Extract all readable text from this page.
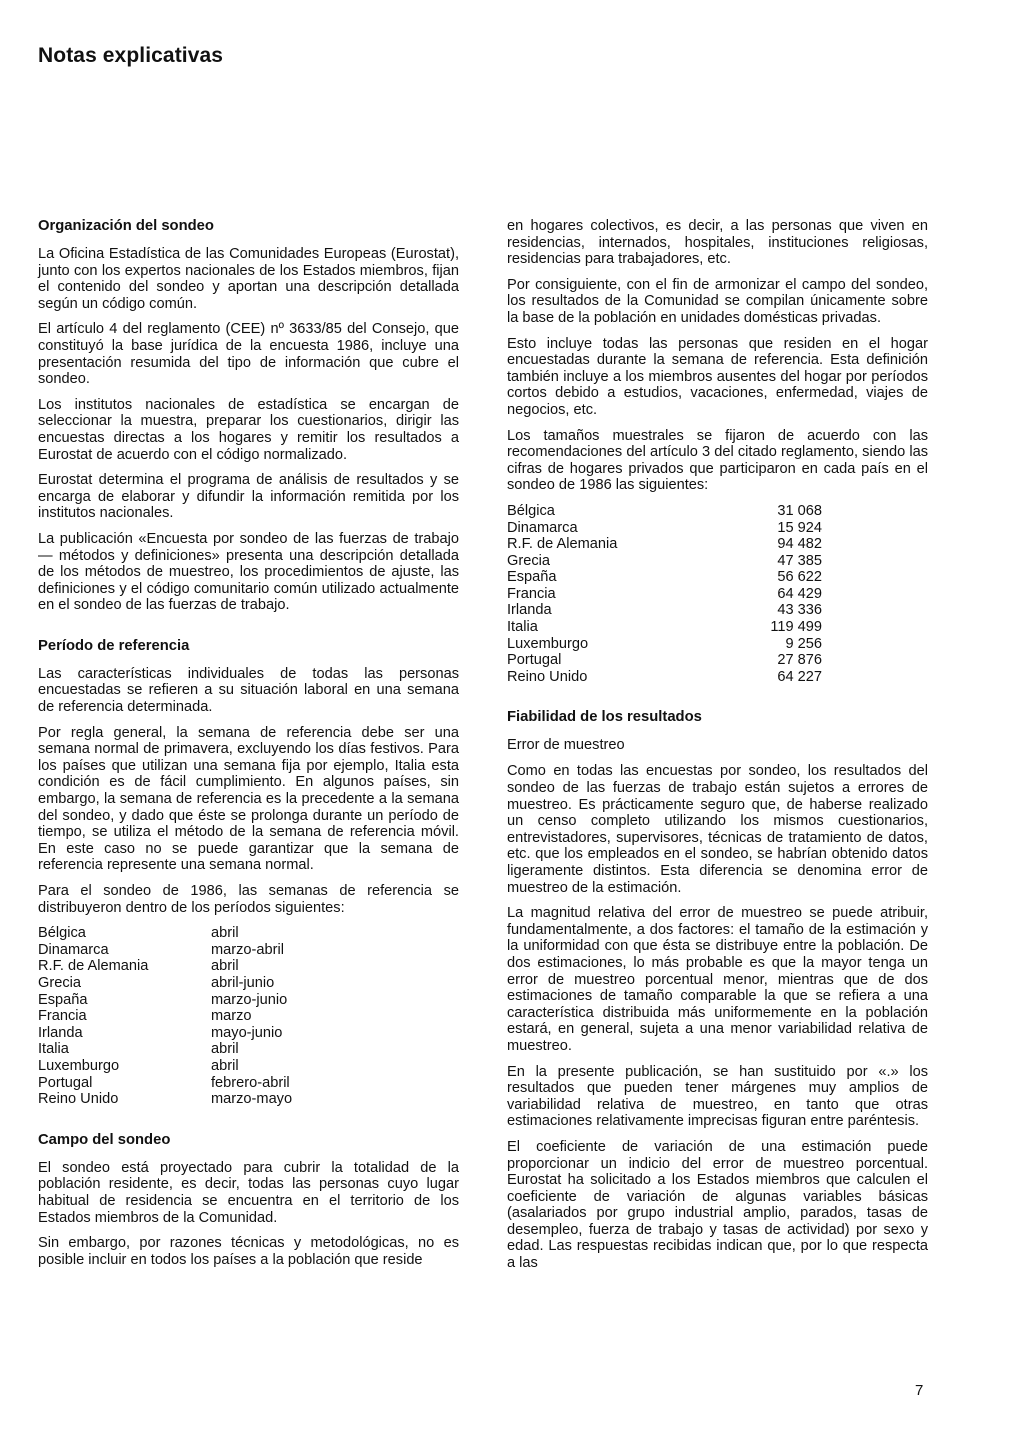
Notas explicativas
Organización del sondeo

La Oficina Estadística de las Comunidades Europeas (Eurostat), junto con los expertos nacionales de los Estados miembros, fijan el contenido del sondeo y aportan una descripción detallada según un código común.

El artículo 4 del reglamento (CEE) nº 3633/85 del Consejo, que constituyó la base jurídica de la encuesta 1986, incluye una presentación resumida del tipo de información que cubre el sondeo.

Los institutos nacionales de estadística se encargan de seleccionar la muestra, preparar los cuestionarios, dirigir las encuestas directas a los hogares y remitir los resultados a Eurostat de acuerdo con el código normalizado.

Eurostat determina el programa de análisis de resultados y se encarga de elaborar y difundir la información remitida por los institutos nacionales.

La publicación «Encuesta por sondeo de las fuerzas de trabajo — métodos y definiciones» presenta una descripción detallada de los métodos de muestreo, los procedimientos de ajuste, las definiciones y el código comunitario común utilizado actualmente en el sondeo de las fuerzas de trabajo.

Período de referencia

Las características individuales de todas las personas encuestadas se refieren a su situación laboral en una semana de referencia determinada.

Por regla general, la semana de referencia debe ser una semana normal de primavera, excluyendo los días festivos. Para los países que utilizan una semana fija por ejemplo, Italia esta condición es de fácil cumplimiento. En algunos países, sin embargo, la semana de referencia es la precedente a la semana del sondeo, y dado que éste se prolonga durante un período de tiempo, se utiliza el método de la semana de referencia móvil. En este caso no se puede garantizar que la semana de referencia represente una semana normal.

Para el sondeo de 1986, las semanas de referencia se distribuyeron dentro de los períodos siguientes:

Bélgica	abril
Dinamarca	marzo-abril
R.F. de Alemania	abril
Grecia	abril-junio
España	marzo-junio
Francia	marzo
Irlanda	mayo-junio
Italia	abril
Luxemburgo	abril
Portugal	febrero-abril
Reino Unido	marzo-mayo
Campo del sondeo

El sondeo está proyectado para cubrir la totalidad de la población residente, es decir, todas las personas cuyo lugar habitual de residencia se encuentra en el territorio de los Estados miembros de la Comunidad.

Sin embargo, por razones técnicas y metodológicas, no es posible incluir en todos los países a la población que reside

en hogares colectivos, es decir, a las personas que viven en residencias, internados, hospitales, instituciones religiosas, residencias para trabajadores, etc.

Por consiguiente, con el fin de armonizar el campo del sondeo, los resultados de la Comunidad se compilan únicamente sobre la base de la población en unidades domésticas privadas.

Esto incluye todas las personas que residen en el hogar encuestadas durante la semana de referencia. Esta definición también incluye a los miembros ausentes del hogar por períodos cortos debido a estudios, vacaciones, enfermedad, viajes de negocios, etc.

Los tamaños muestrales se fijaron de acuerdo con las recomendaciones del artículo 3 del citado reglamento, siendo las cifras de hogares privados que participaron en cada país en el sondeo de 1986 las siguientes:

Bélgica	31 068
Dinamarca	15 924
R.F. de Alemania	94 482
Grecia	47 385
España	56 622
Francia	64 429
Irlanda	43 336
Italia	119 499
Luxemburgo	9 256
Portugal	27 876
Reino Unido	64 227
Fiabilidad de los resultados
Error de muestreo

Como en todas las encuestas por sondeo, los resultados del sondeo de las fuerzas de trabajo están sujetos a errores de muestreo. Es prácticamente seguro que, de haberse realizado un censo completo utilizando los mismos cuestionarios, entrevistadores, supervisores, técnicas de tratamiento de datos, etc. que los empleados en el sondeo, se habrían obtenido datos ligeramente distintos. Esta diferencia se denomina error de muestreo de la estimación.

La magnitud relativa del error de muestreo se puede atribuir, fundamentalmente, a dos factores: el tamaño de la estimación y la uniformidad con que ésta se distribuye entre la población. De dos estimaciones, lo más probable es que la mayor tenga un error de muestreo porcentual menor, mientras que de dos estimaciones de tamaño comparable la que se refiera a una característica distribuida más uniformemente en la población estará, en general, sujeta a una menor variabilidad relativa de muestreo.

En la presente publicación, se han sustituido por «.» los resultados que pueden tener márgenes muy amplios de variabilidad relativa de muestreo, en tanto que otras estimaciones relativamente imprecisas figuran entre paréntesis.

El coeficiente de variación de una estimación puede proporcionar un indicio del error de muestreo porcentual. Eurostat ha solicitado a los Estados miembros que calculen el coeficiente de variación de algunas variables básicas (asalariados por grupo industrial amplio, parados, tasas de desempleo, fuerza de trabajo y tasas de actividad) por sexo y edad. Las respuestas recibidas indican que, por lo que respecta a las

7
